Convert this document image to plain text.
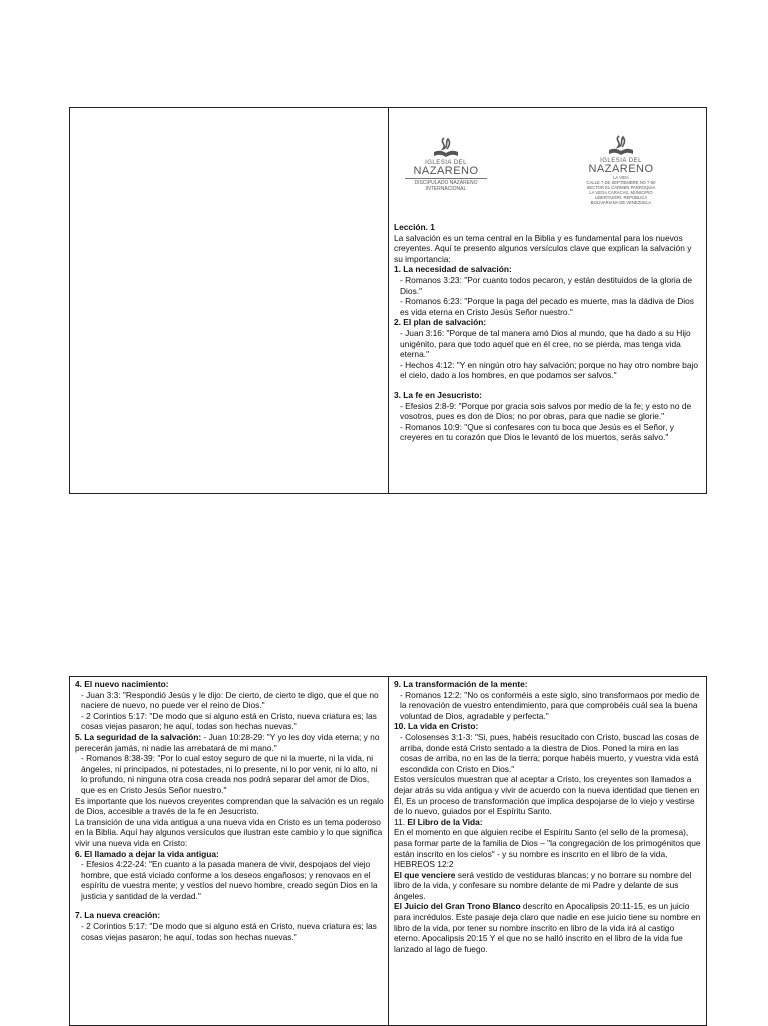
IGLESIA DEL
NAZARENO
DISCIPULADO NAZARENO
INTERNACIONAL
IGLESIA DEL
NAZARENO
LA VIDA
CALLE 7 DE SEPTIEMBRE NO 7-50
SECTOR EL CARMEN PARROQUIA
LA VEGA CARACAS, MUNICIPIO
LIBERTADOR, REPÚBLICA
BOLIVARIANA DE VENEZUELA

Lección. 1

La salvación es un tema central en la Biblia y es fundamental para los nuevos creyentes. Aquí te presento algunos versículos clave que explican la salvación y su importancia:

1. La necesidad de salvación:

- Romanos 3:23: "Por cuanto todos pecaron, y están destituidos de la gloria de Dios."

- Romanos 6:23: "Porque la paga del pecado es muerte, mas la dádiva de Dios es vida eterna en Cristo Jesús Señor nuestro."

2. El plan de salvación:

- Juan 3:16: "Porque de tal manera amó Dios al mundo, que ha dado a su Hijo unigénito, para que todo aquel que en él cree, no se pierda, mas tenga vida eterna."

- Hechos 4:12: "Y en ningún otro hay salvación; porque no hay otro nombre bajo el cielo, dado a los hombres, en que podamos ser salvos."

3. La fe en Jesucristo:

- Efesios 2:8-9: "Porque por gracia sois salvos por medio de la fe; y esto no de vosotros, pues es don de Dios; no por obras, para que nadie se glorie."

- Romanos 10:9: "Que si confesares con tu boca que Jesús es el Señor, y creyeres en tu corazón que Dios le levantó de los muertos, serás salvo."

4. El nuevo nacimiento:

- Juan 3:3: "Respondió Jesús y le dijo: De cierto, de cierto te digo, que el que no naciere de nuevo, no puede ver el reino de Dios."

- 2 Corintios 5:17: "De modo que si alguno está en Cristo, nueva criatura es; las cosas viejas pasaron; he aquí, todas son hechas nuevas."

5. La seguridad de la salvación: - Juan 10:28-29: "Y yo les doy vida eterna; y no perecerán jamás, ni nadie las arrebatará de mi mano."

- Romanos 8:38-39: "Por lo cual estoy seguro de que ni la muerte, ni la vida, ni ángeles, ni principados, ni potestades, ni lo presente, ni lo por venir, ni lo alto, ni lo profundo, ni ninguna otra cosa creada nos podrá separar del amor de Dios, que es en Cristo Jesús Señor nuestro."

Es importante que los nuevos creyentes comprendan que la salvación es un regalo de Dios, accesible a través de la fe en Jesucristo.

La transición de una vida antigua a una nueva vida en Cristo es un tema poderoso en la Biblia. Aquí hay algunos versículos que ilustran este cambio y lo que significa vivir una nueva vida en Cristo:

6. El llamado a dejar la vida antigua:

- Efesios 4:22-24: "En cuanto a la pasada manera de vivir, despojaos del viejo hombre, que está viciado conforme a los deseos engañosos; y renovaos en el espíritu de vuestra mente; y vestíos del nuevo hombre, creado según Dios en la justicia y santidad de la verdad."

7. La nueva creación:

- 2 Corintios 5:17: "De modo que si alguno está en Cristo, nueva criatura es; las cosas viejas pasaron; he aquí, todas son hechas nuevas."

9. La transformación de la mente:

- Romanos 12:2: "No os conforméis a este siglo, sino transformaos por medio de la renovación de vuestro entendimiento, para que comprobéis cuál sea la buena voluntad de Dios, agradable y perfecta."

10. La vida en Cristo:

- Colosenses 3:1-3: "Si, pues, habéis resucitado con Cristo, buscad las cosas de arriba, donde está Cristo sentado a la diestra de Dios. Poned la mira en las cosas de arriba, no en las de la tierra; porque habéis muerto, y vuestra vida está escondida con Cristo en Dios."

Estos versículos muestran que al aceptar a Cristo, los creyentes son llamados a dejar atrás su vida antigua y vivir de acuerdo con la nueva identidad que tienen en Él, Es un proceso de transformación que implica despojarse de lo viejo y vestirse de lo nuevo, guiados por el Espíritu Santo.

11. El Libro de la Vida:

En el momento en que alguien recibe el Espíritu Santo (el sello de la promesa), pasa formar parte de la familia de Dios – "la congregación de los primogénitos que están inscrito en los cielos" - y su nombre es inscrito en el libro de la vida, HEBREOS 12:2

El que venciere será vestido de vestiduras blancas; y no borrare su nombre del libro de la vida, y confesare su nombre delante de mi Padre y delante de sus ángeles.

El Juicio del Gran Trono Blanco descrito en Apocalipsis 20:11-15, es un juicio para incrédulos. Este pasaje deja claro que nadie en ese juicio tiene su nombre en libro de la vida, por tener su nombre inscrito en libro de la vida irá al castigo eterno. Apocalipsis 20:15 Y el que no se halló inscrito en el libro de la vida fue lanzado al lago de fuego.
